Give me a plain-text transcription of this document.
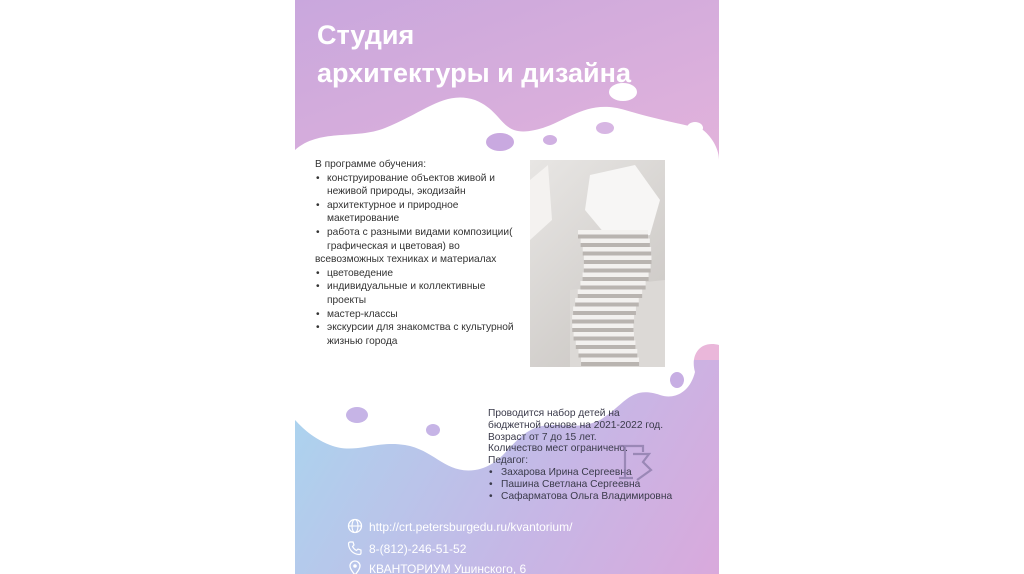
Студия
архитектуры и дизайна
В программе обучения:
• конструирование объектов живой и неживой природы, экодизайн
• архитектурное и природное макетирование
• работа с разными видами композиции( графическая и цветовая) во
всевозможных техниках и материалах
• цветоведение
• индивидуальные и коллективные проекты
• мастер-классы
• экскурсии для знакомства с культурной жизнью города
Проводится набор детей на
бюджетной основе на 2021-2022 год.
Возраст от 7 до 15 лет.
Количество мест ограничено.
Педагог:
• Захарова Ирина Сергеевна
• Пашина Светлана Сергеевна
• Сафарматова Ольга Владимировна
http://crt.petersburgedu.ru/kvantorium/
8-(812)-246-51-52
КВАНТОРИУМ Ушинского, 6
